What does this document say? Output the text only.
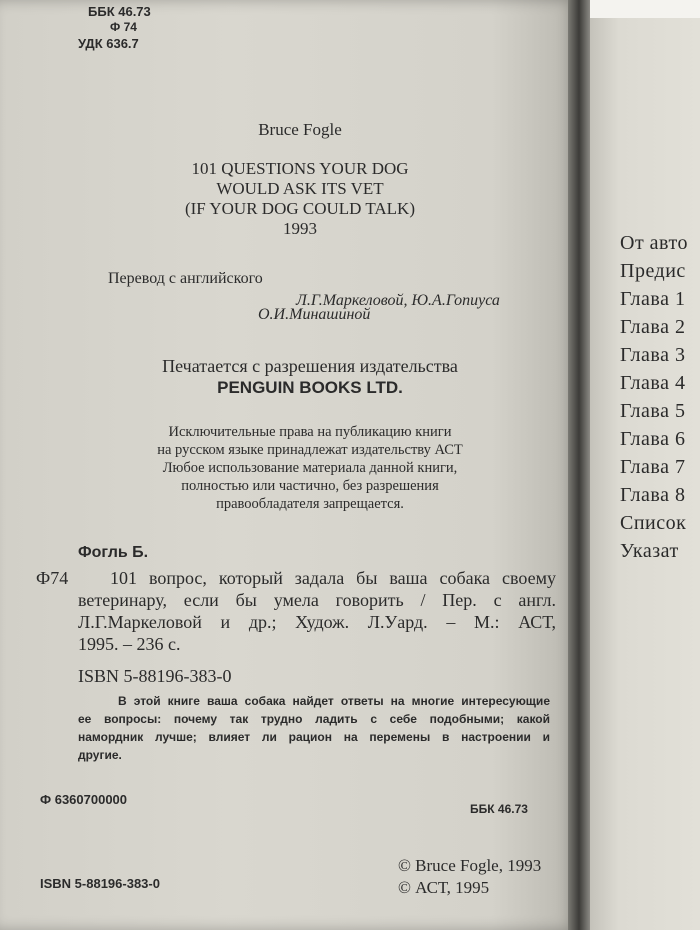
ББК 46.73
Ф 74
УДК 636.7
Bruce Fogle
101 QUESTIONS YOUR DOG
WOULD ASK ITS VET
(IF YOUR DOG COULD TALK)
1993
Перевод с английского
Л.Г.Маркеловой, Ю.А.Гопиуса
О.И.Минашиной
Печатается с разрешения издательства
PENGUIN BOOKS LTD.
Исключительные права на публикацию книги
на русском языке принадлежат издательству АСТ
Любое использование материала данной книги,
полностью или частично, без разрешения
правообладателя запрещается.
Фогль Б.
Ф74 101 вопрос, который задала бы ваша собака своему
ветеринару, если бы умела говорить / Пер. с англ.
Л.Г.Маркеловой и др.; Худож. Л.Уард. – М.: АСТ,
1995. – 236 с.
ISBN 5-88196-383-0
В этой книге ваша собака найдет ответы на многие интересующие
ее вопросы: почему так трудно ладить с себе подобными; какой
намордник лучше; влияет ли рацион на перемены в настроении и
другие.
Ф 6360700000
ББК 46.73
© Bruce Fogle, 1993
ISBN 5-88196-383-0	© АСТ, 1995
От авто
Предис
Глава 1
Глава 2
Глава 3
Глава 4
Глава 5
Глава 6
Глава 7
Глава 8
Список
Указат
